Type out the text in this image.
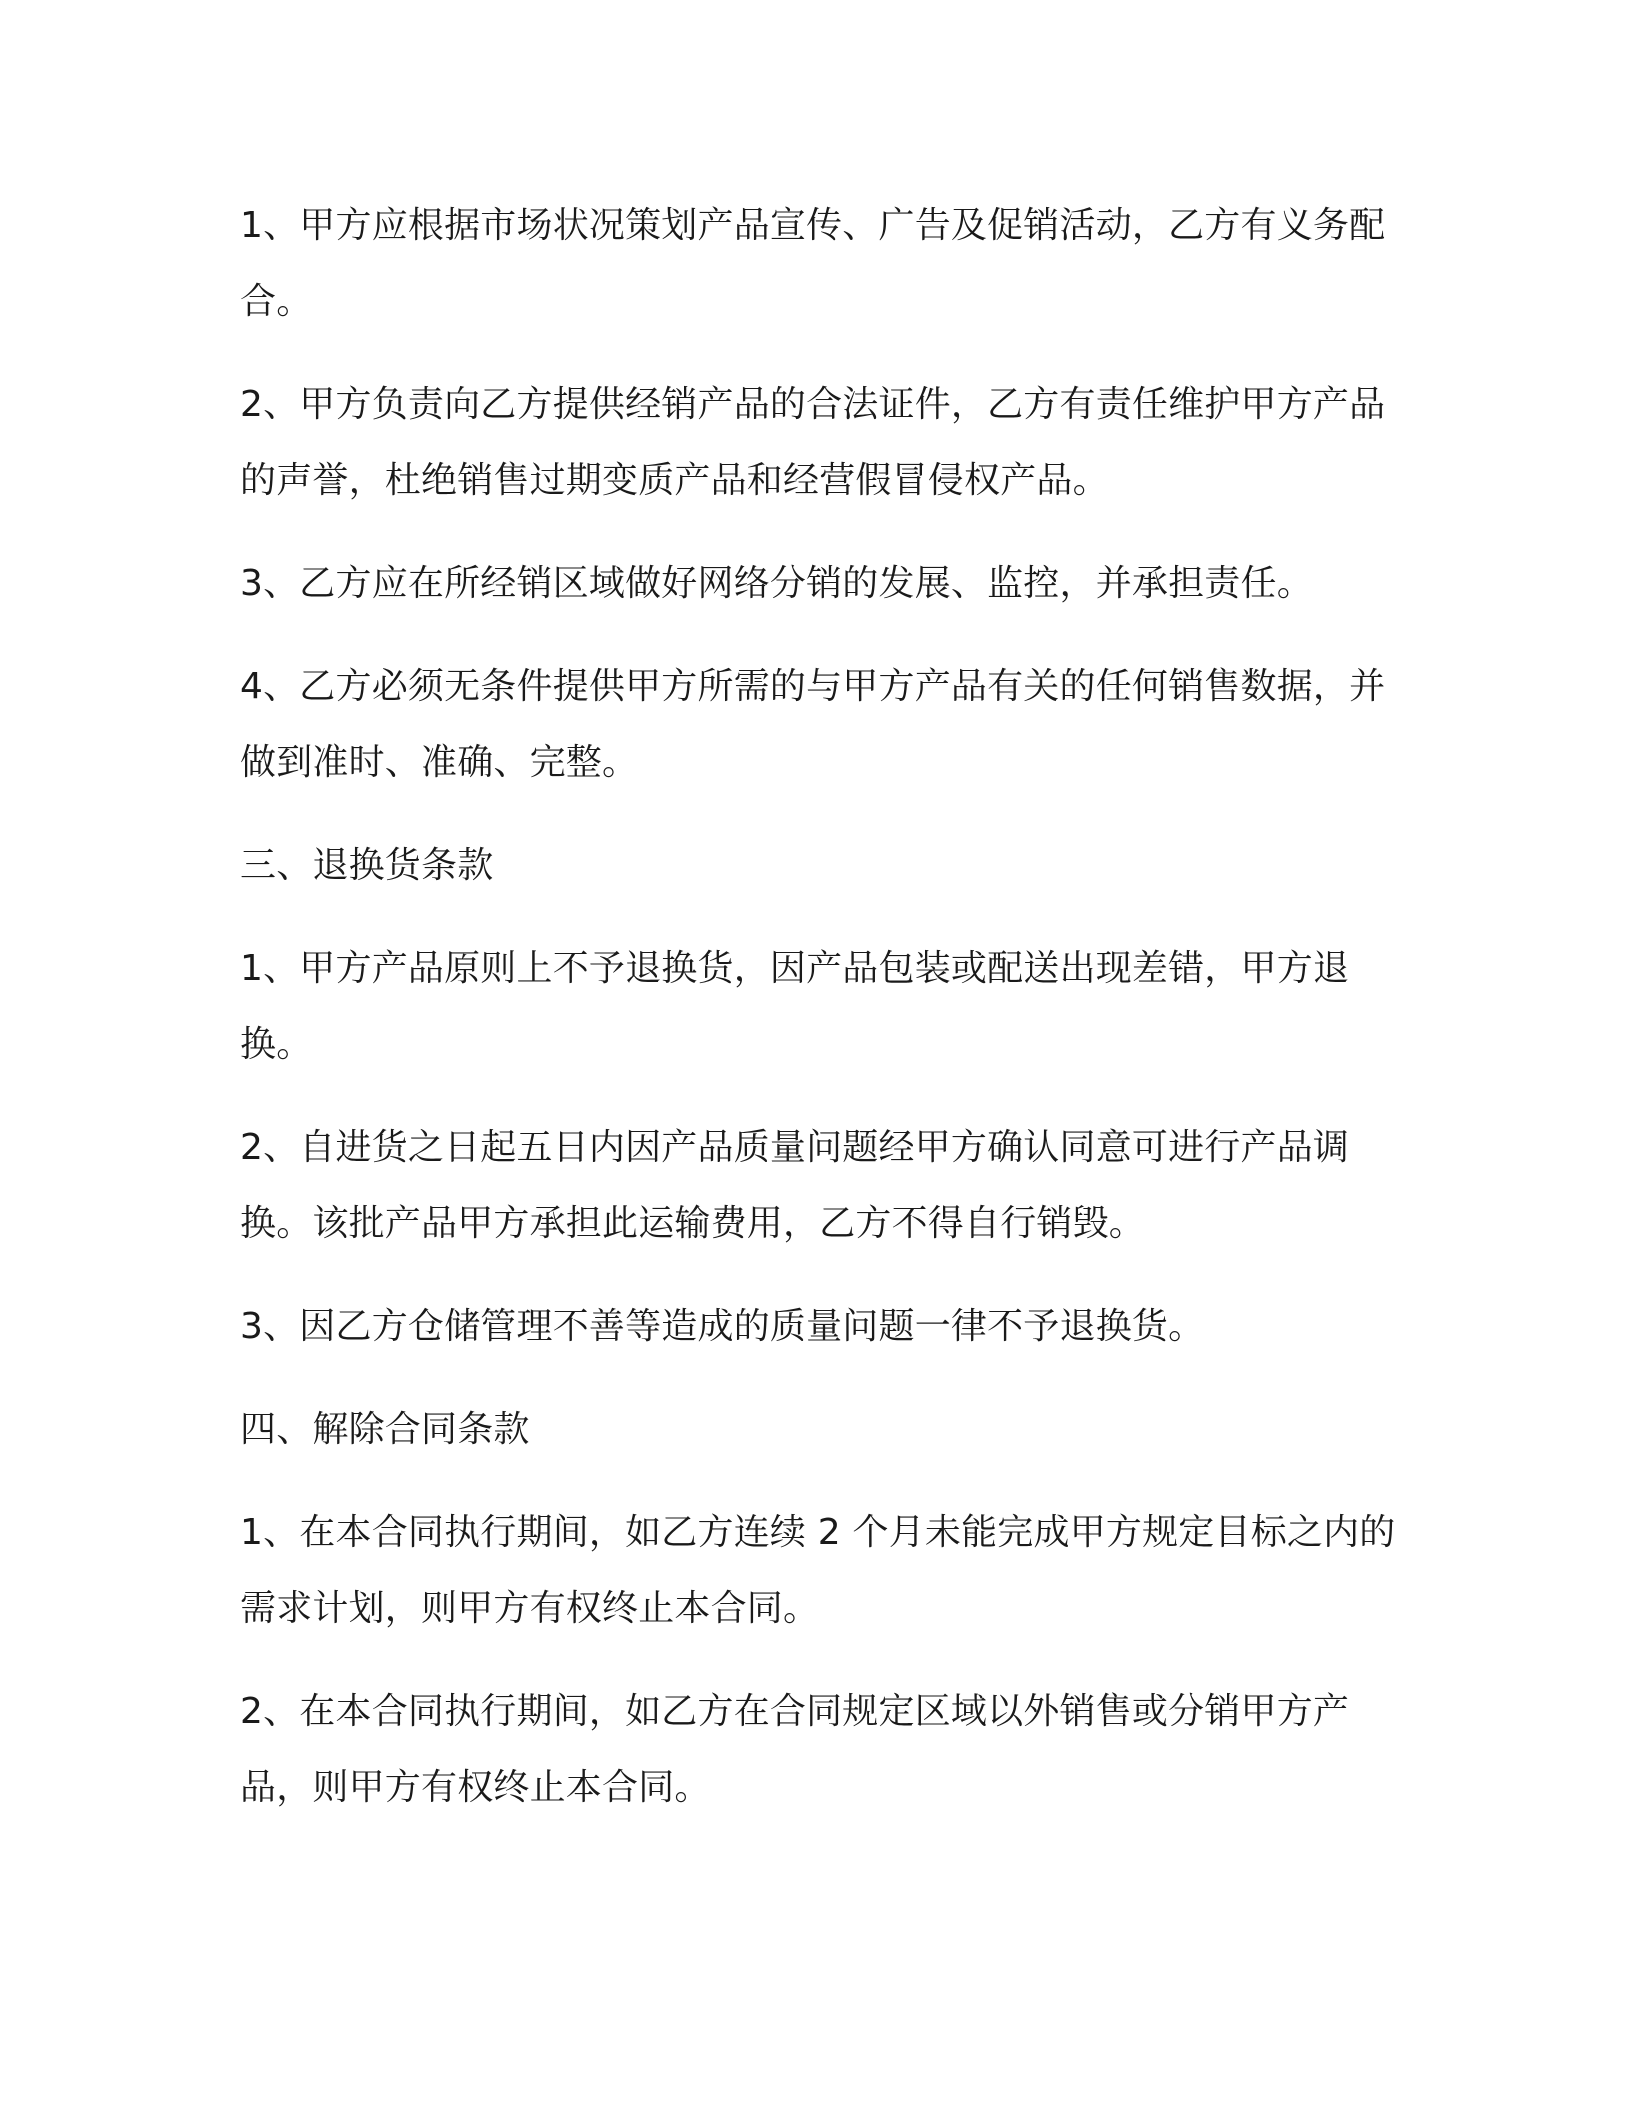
1、甲方应根据市场状况策划产品宣传、广告及促销活动，乙方有义务配合。

2、甲方负责向乙方提供经销产品的合法证件，乙方有责任维护甲方产品的声誉，杜绝销售过期变质产品和经营假冒侵权产品。

3、乙方应在所经销区域做好网络分销的发展、监控，并承担责任。

4、乙方必须无条件提供甲方所需的与甲方产品有关的任何销售数据，并做到准时、准确、完整。

三、退换货条款

1、甲方产品原则上不予退换货，因产品包装或配送出现差错，甲方退换。

2、自进货之日起五日内因产品质量问题经甲方确认同意可进行产品调换。该批产品甲方承担此运输费用，乙方不得自行销毁。

3、因乙方仓储管理不善等造成的质量问题一律不予退换货。

四、解除合同条款

1、在本合同执行期间，如乙方连续 2 个月未能完成甲方规定目标之内的需求计划，则甲方有权终止本合同。

2、在本合同执行期间，如乙方在合同规定区域以外销售或分销甲方产品，则甲方有权终止本合同。
